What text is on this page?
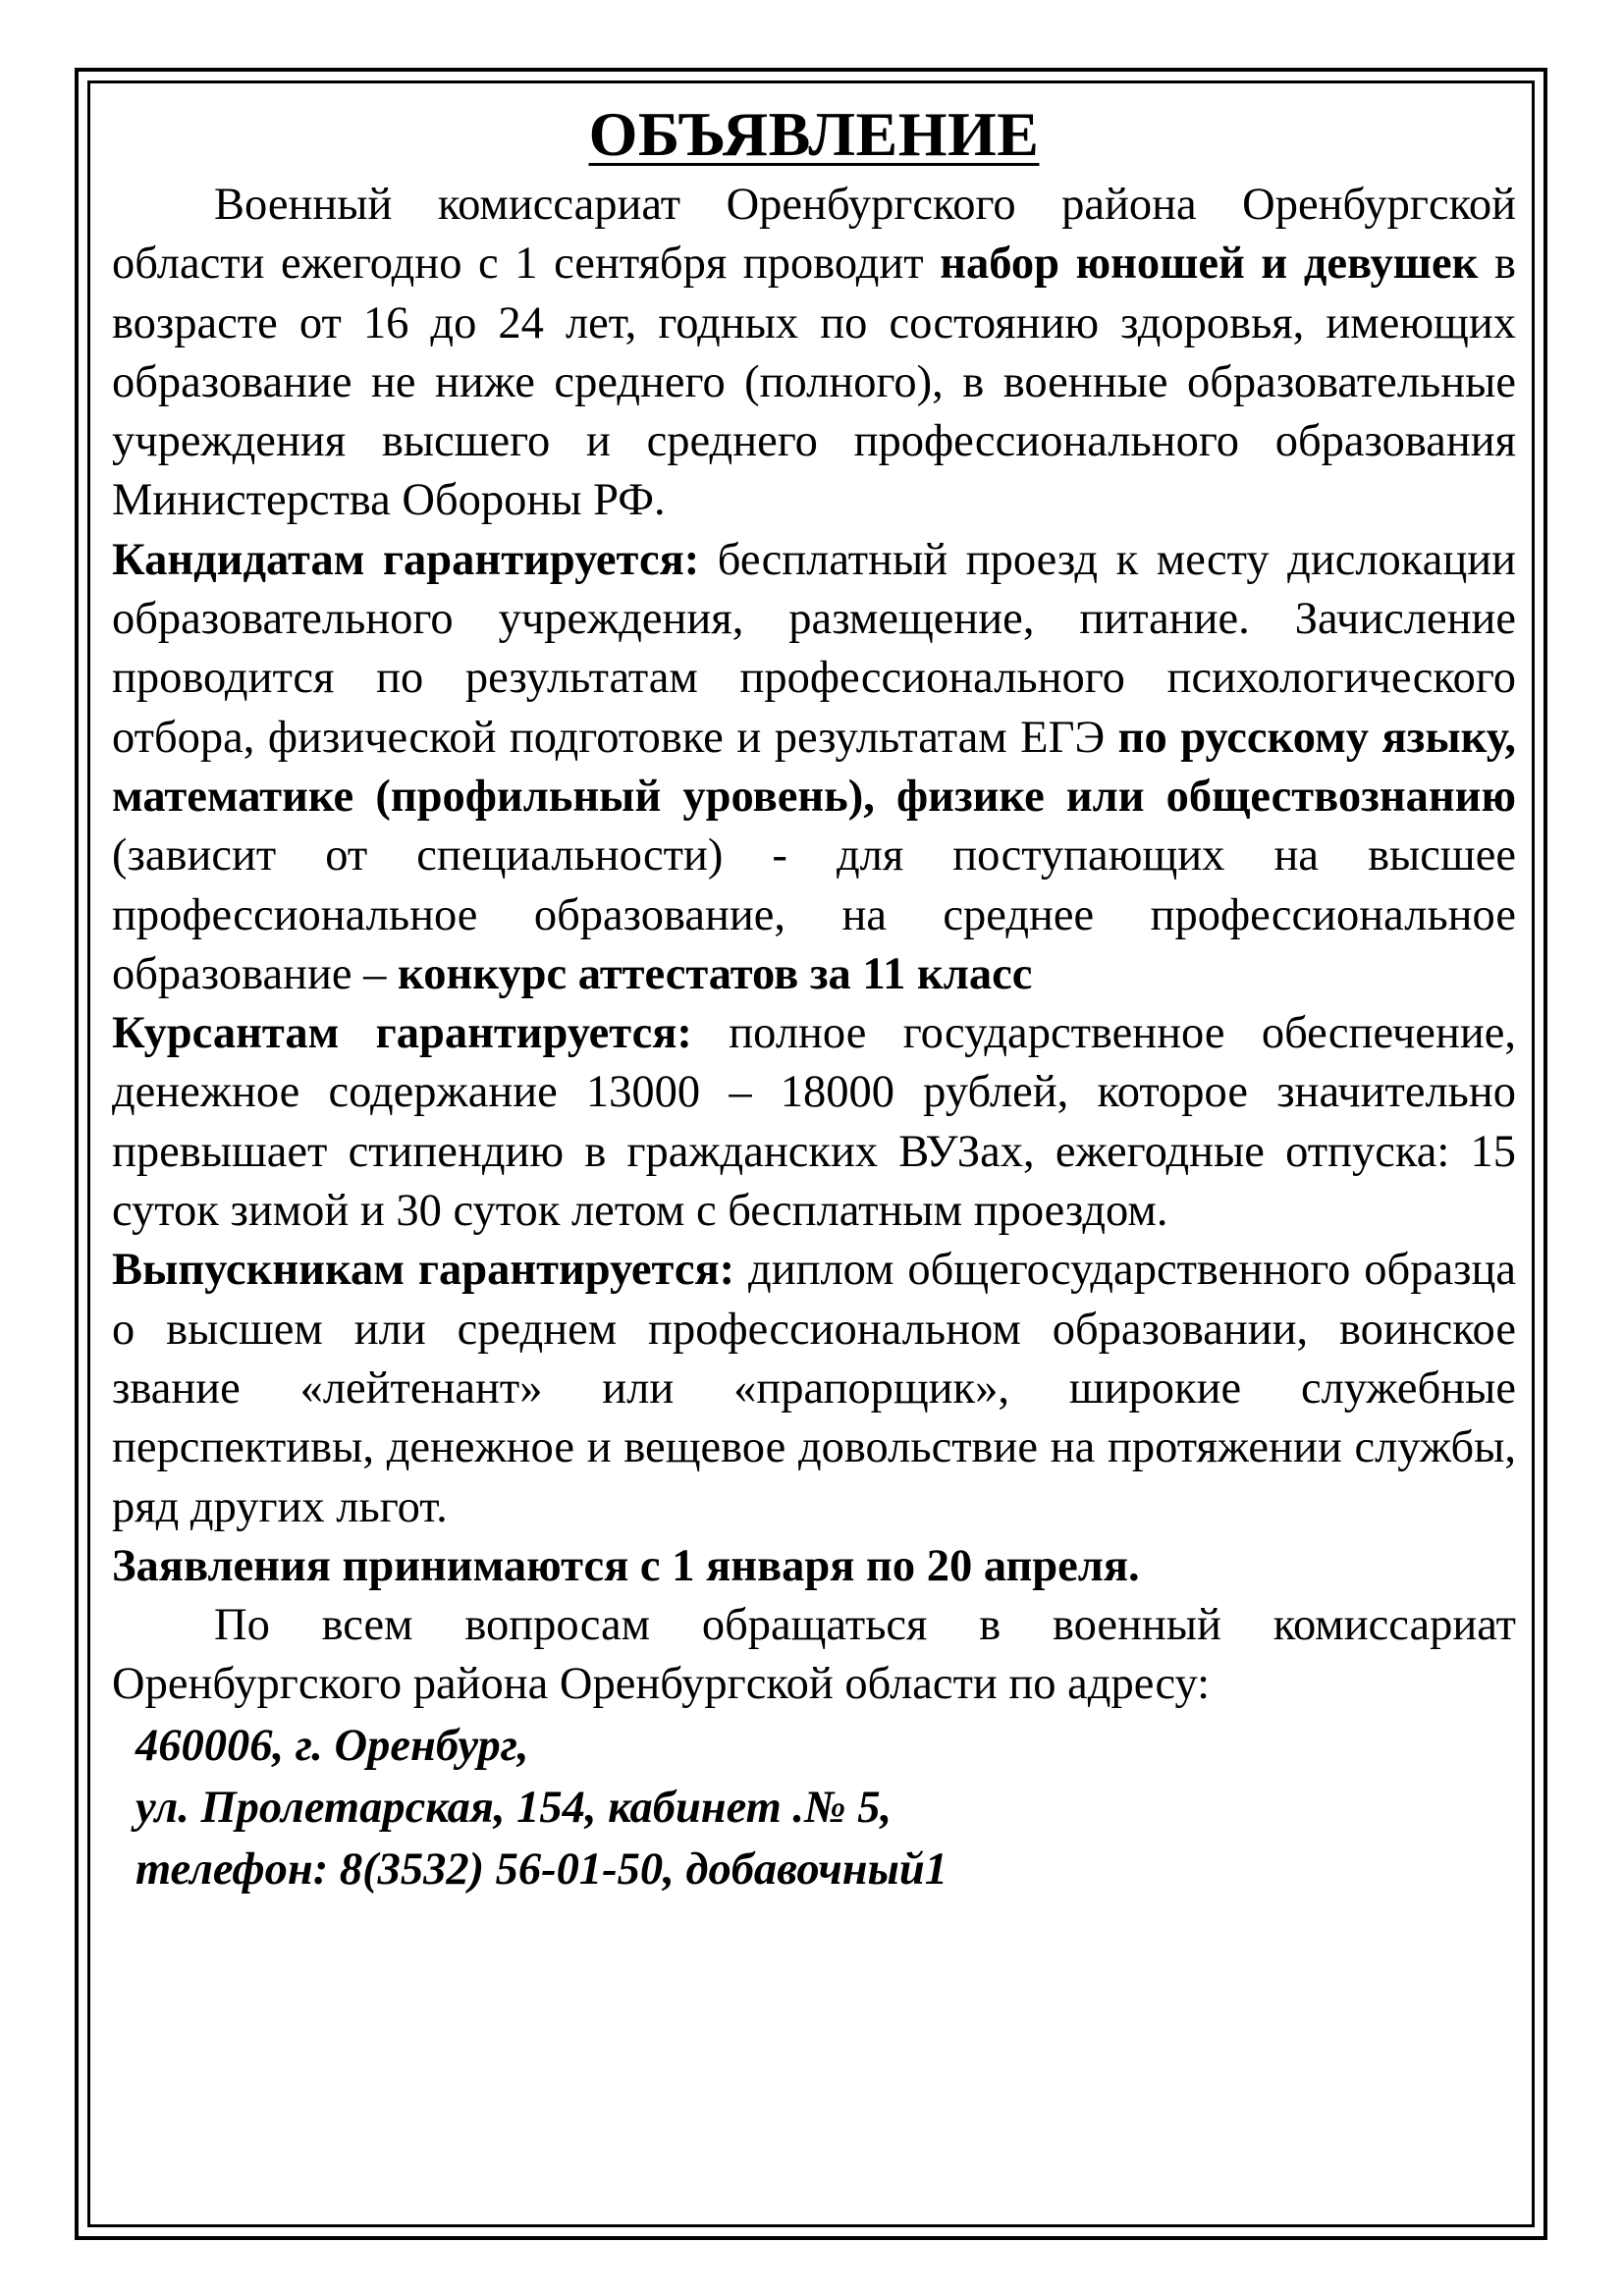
ОБЪЯВЛЕНИЕ

Военный комиссариат Оренбургского района Оренбургской области ежегодно с 1 сентября проводит набор юношей и девушек в возрасте от 16 до 24 лет, годных по состоянию здоровья, имеющих образование не ниже среднего (полного), в военные образовательные учреждения высшего и среднего профессионального образования Министерства Обороны РФ.

Кандидатам гарантируется: бесплатный проезд к месту дислокации образовательного учреждения, размещение, питание. Зачисление проводится по результатам профессионального психологического отбора, физической подготовке и результатам ЕГЭ по русскому языку, математике (профильный уровень), физике или обществознанию (зависит от специальности) - для поступающих на высшее профессиональное образование, на среднее профессиональное образование – конкурс аттестатов за 11 класс

Курсантам гарантируется: полное государственное обеспечение, денежное содержание 13000 – 18000 рублей, которое значительно превышает стипендию в гражданских ВУЗах, ежегодные отпуска: 15 суток зимой и 30 суток летом с бесплатным проездом.

Выпускникам гарантируется: диплом общегосударственного образца о высшем или среднем профессиональном образовании, воинское звание «лейтенант» или «прапорщик», широкие служебные перспективы, денежное и вещевое довольствие на протяжении службы, ряд других льгот.

Заявления принимаются с 1 января по 20 апреля.

По всем вопросам обращаться в военный комиссариат Оренбургского района Оренбургской области по адресу:

460006, г. Оренбург,
ул. Пролетарская, 154, кабинет .№ 5,
телефон: 8(3532) 56-01-50, добавочный1
